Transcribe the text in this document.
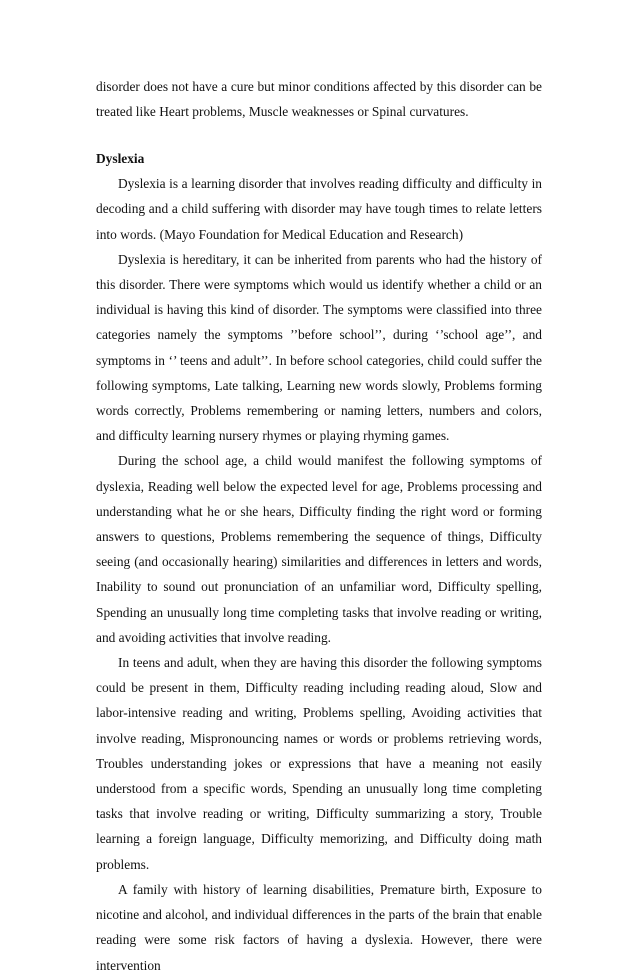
disorder does not have a cure but minor conditions affected by this disorder can be treated like Heart problems, Muscle weaknesses or Spinal curvatures.

Dyslexia

Dyslexia is a learning disorder that involves reading difficulty and difficulty in decoding and a child suffering with disorder may have tough times to relate letters into words. (Mayo Foundation for Medical Education and Research)

Dyslexia is hereditary, it can be inherited from parents who had the history of this disorder. There were symptoms which would us identify whether a child or an individual is having this kind of disorder. The symptoms were classified into three categories namely the symptoms ’’before school’’, during ‘’school age’’, and symptoms in ‘’ teens and adult’’. In before school categories, child could suffer the following symptoms, Late talking, Learning new words slowly, Problems forming words correctly, Problems remembering or naming letters, numbers and colors, and difficulty learning nursery rhymes or playing rhyming games.

During the school age, a child would manifest the following symptoms of dyslexia, Reading well below the expected level for age, Problems processing and understanding what he or she hears, Difficulty finding the right word or forming answers to questions, Problems remembering the sequence of things, Difficulty seeing (and occasionally hearing) similarities and differences in letters and words, Inability to sound out pronunciation of an unfamiliar word, Difficulty spelling, Spending an unusually long time completing tasks that involve reading or writing, and avoiding activities that involve reading.

In teens and adult, when they are having this disorder the following symptoms could be present in them, Difficulty reading including reading aloud, Slow and labor-intensive reading and writing, Problems spelling, Avoiding activities that involve reading, Mispronouncing names or words or problems retrieving words, Troubles understanding jokes or expressions that have a meaning not easily understood from a specific words, Spending an unusually long time completing tasks that involve reading or writing, Difficulty summarizing a story, Trouble learning a foreign language, Difficulty memorizing, and Difficulty doing math problems.

A family with history of learning disabilities, Premature birth, Exposure to nicotine and alcohol, and individual differences in the parts of the brain that enable reading were some risk factors of having a dyslexia. However, there were intervention
